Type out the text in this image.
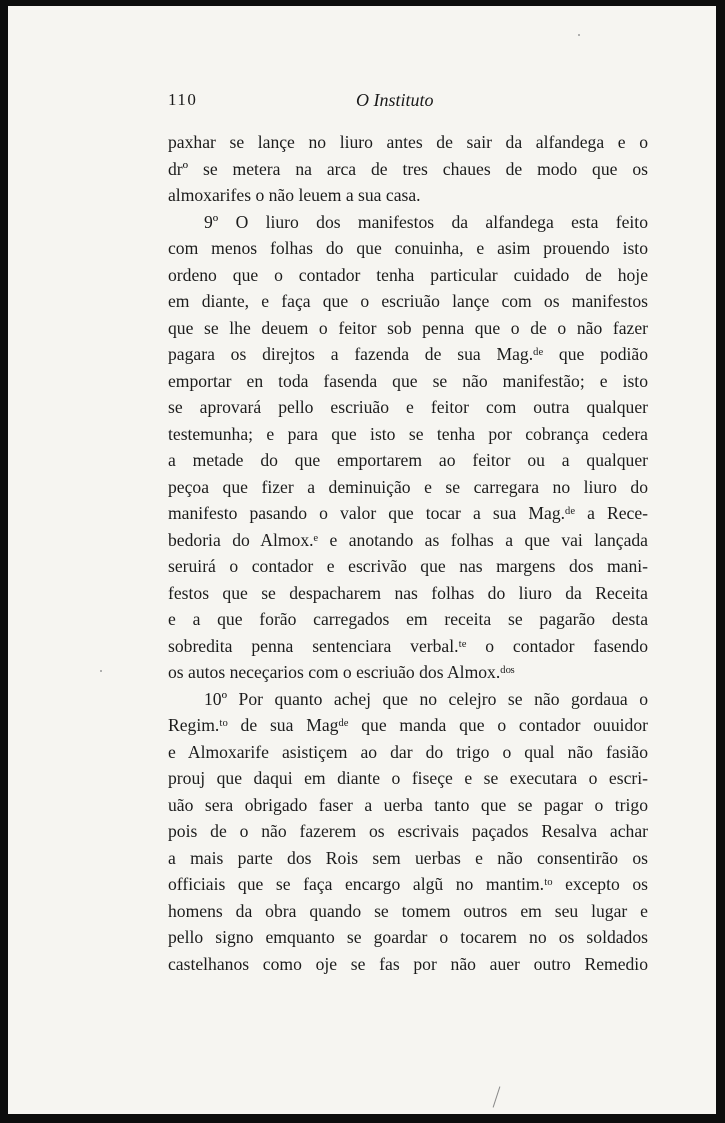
110	O Instituto
paxhar se lançe no liuro antes de sair da alfandega e o
drº se metera na arca de tres chaues de modo que os
almoxarifes o não leuem a sua casa.
9º O liuro dos manifestos da alfandega esta feito
com menos folhas do que conuinha, e asim prouendo isto
ordeno que o contador tenha particular cuidado de hoje
em diante, e faça que o escriuão lançe com os manifestos
que se lhe deuem o feitor sob penna que o de o não fazer
pagara os direjtos a fazenda de sua Mag.ᵈᵉ que podião
emportar en toda fasenda que se não manifestão; e isto
se aprovará pello escriuão e feitor com outra qualquer
testemunha; e para que isto se tenha por cobrança cedera
a metade do que emportarem ao feitor ou a qualquer
peçoa que fizer a deminuição e se carregara no liuro do
manifesto pasando o valor que tocar a sua Mag.ᵈᵉ a Rece-
bedoria do Almox.ᵉ e anotando as folhas a que vai lançada
seruirá o contador e escrivão que nas margens dos mani-
festos que se despacharem nas folhas do liuro da Receita
e a que forão carregados em receita se pagarão desta
sobredita penna sentenciara verbal.ᵗᵉ o contador fasendo
os autos neceçarios com o escriuão dos Almox.ᵈᵒˢ
10º Por quanto achej que no celejro se não gordaua o
Regim.ᵗᵒ de sua Magᵈᵉ que manda que o contador ouuidor
e Almoxarife asistiçem ao dar do trigo o qual não fasião
prouj que daqui em diante o fiseçe e se executara o escri-
uão sera obrigado faser a uerba tanto que se pagar o trigo
pois de o não fazerem os escrivais paçados Resalva achar
a mais parte dos Rois sem uerbas e não consentirão os
officiais que se faça encargo algũ no mantim.ᵗᵒ excepto os
homens da obra quando se tomem outros em seu lugar e
pello signo emquanto se goardar o tocarem no os soldados
castelhanos como oje se fas por não auer outro Remedio
